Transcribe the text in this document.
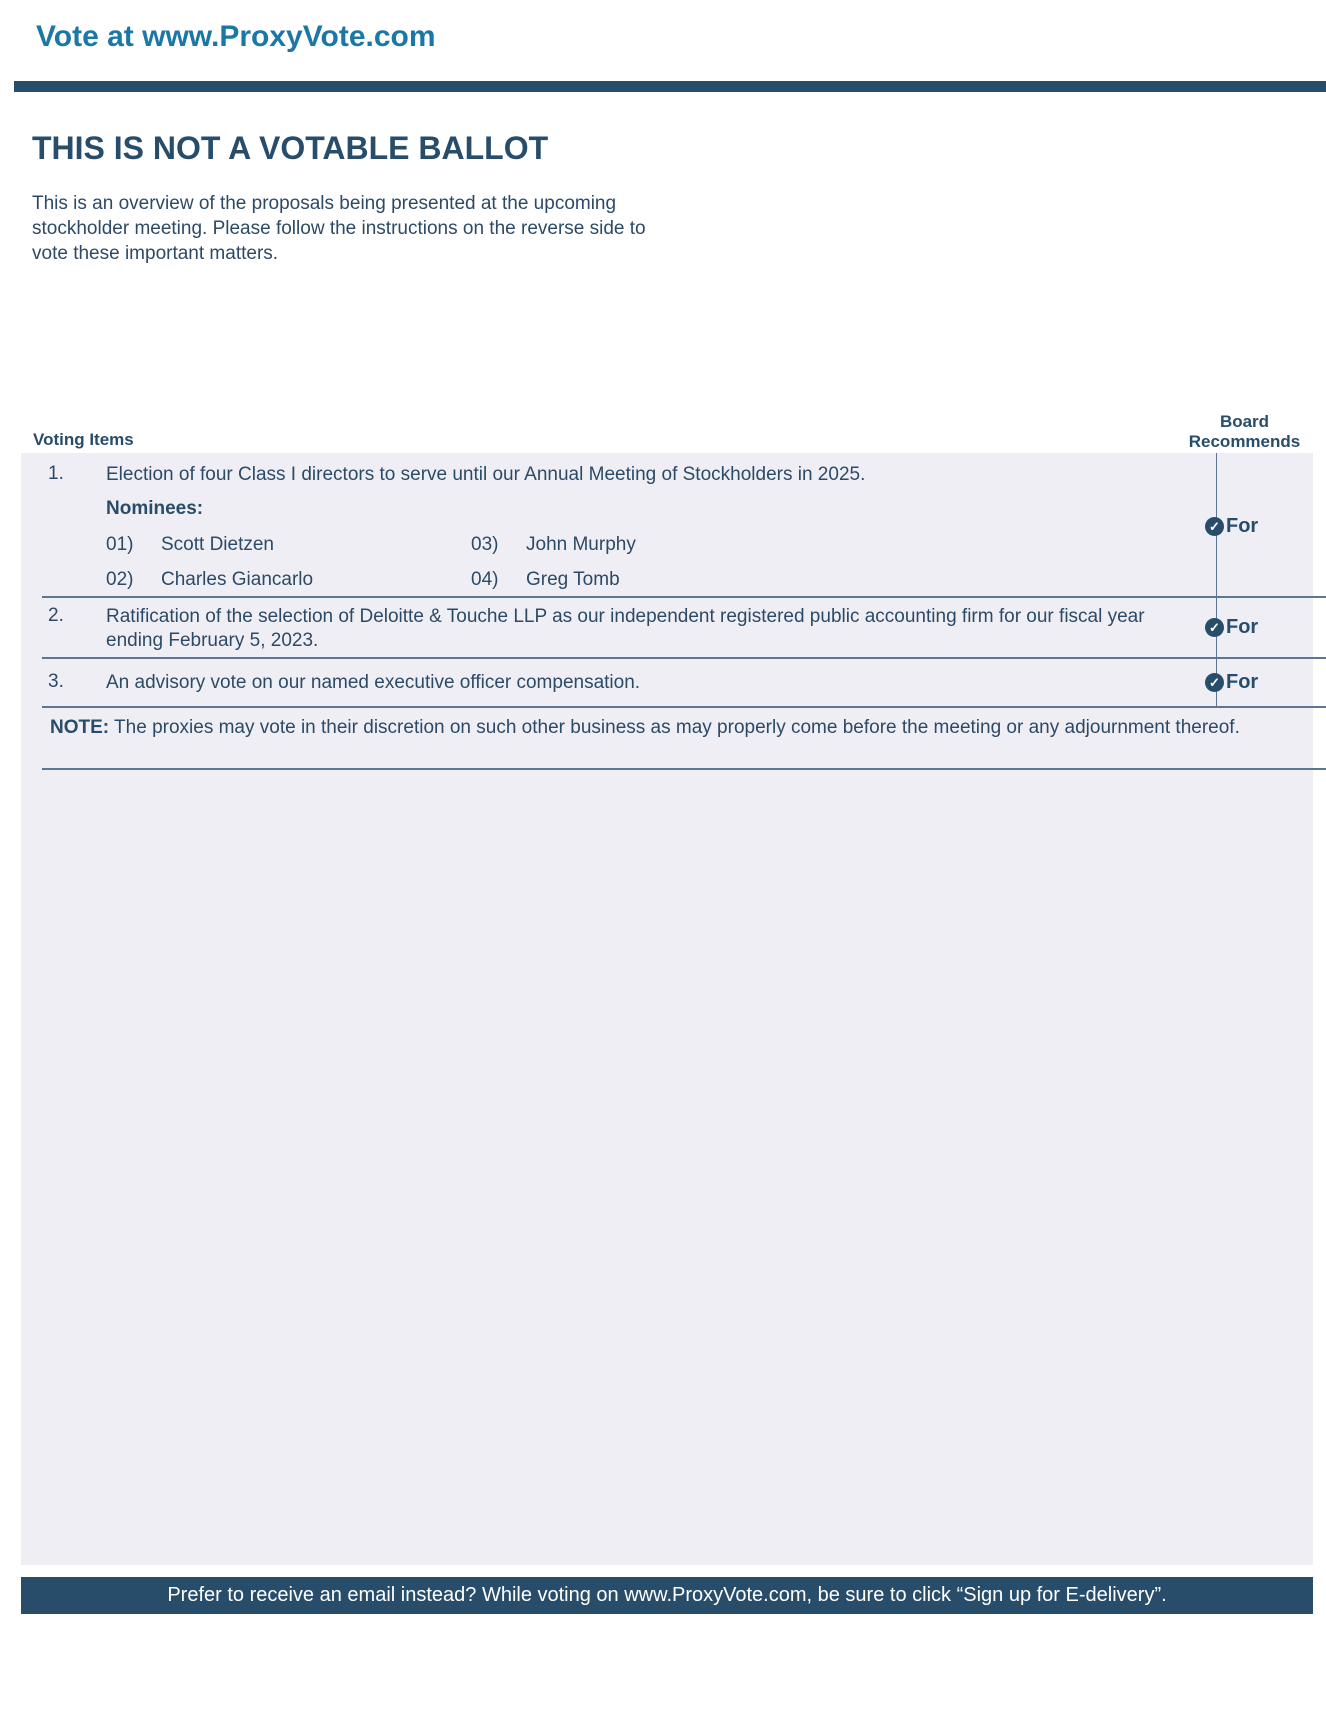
Vote at www.ProxyVote.com
THIS IS NOT A VOTABLE BALLOT
This is an overview of the proposals being presented at the upcoming stockholder meeting. Please follow the instructions on the reverse side to vote these important matters.
Voting Items
Board
Recommends
1. Election of four Class I directors to serve until our Annual Meeting of Stockholders in 2025.
Nominees:
01) Scott Dietzen
02) Charles Giancarlo
03) John Murphy
04) Greg Tomb
✓ For
2. Ratification of the selection of Deloitte & Touche LLP as our independent registered public accounting firm for our fiscal year ending February 5, 2023.
✓ For
3. An advisory vote on our named executive officer compensation.	✓ For
NOTE: The proxies may vote in their discretion on such other business as may properly come before the meeting or any adjournment thereof.
Prefer to receive an email instead? While voting on www.ProxyVote.com, be sure to click “Sign up for E-delivery”.
